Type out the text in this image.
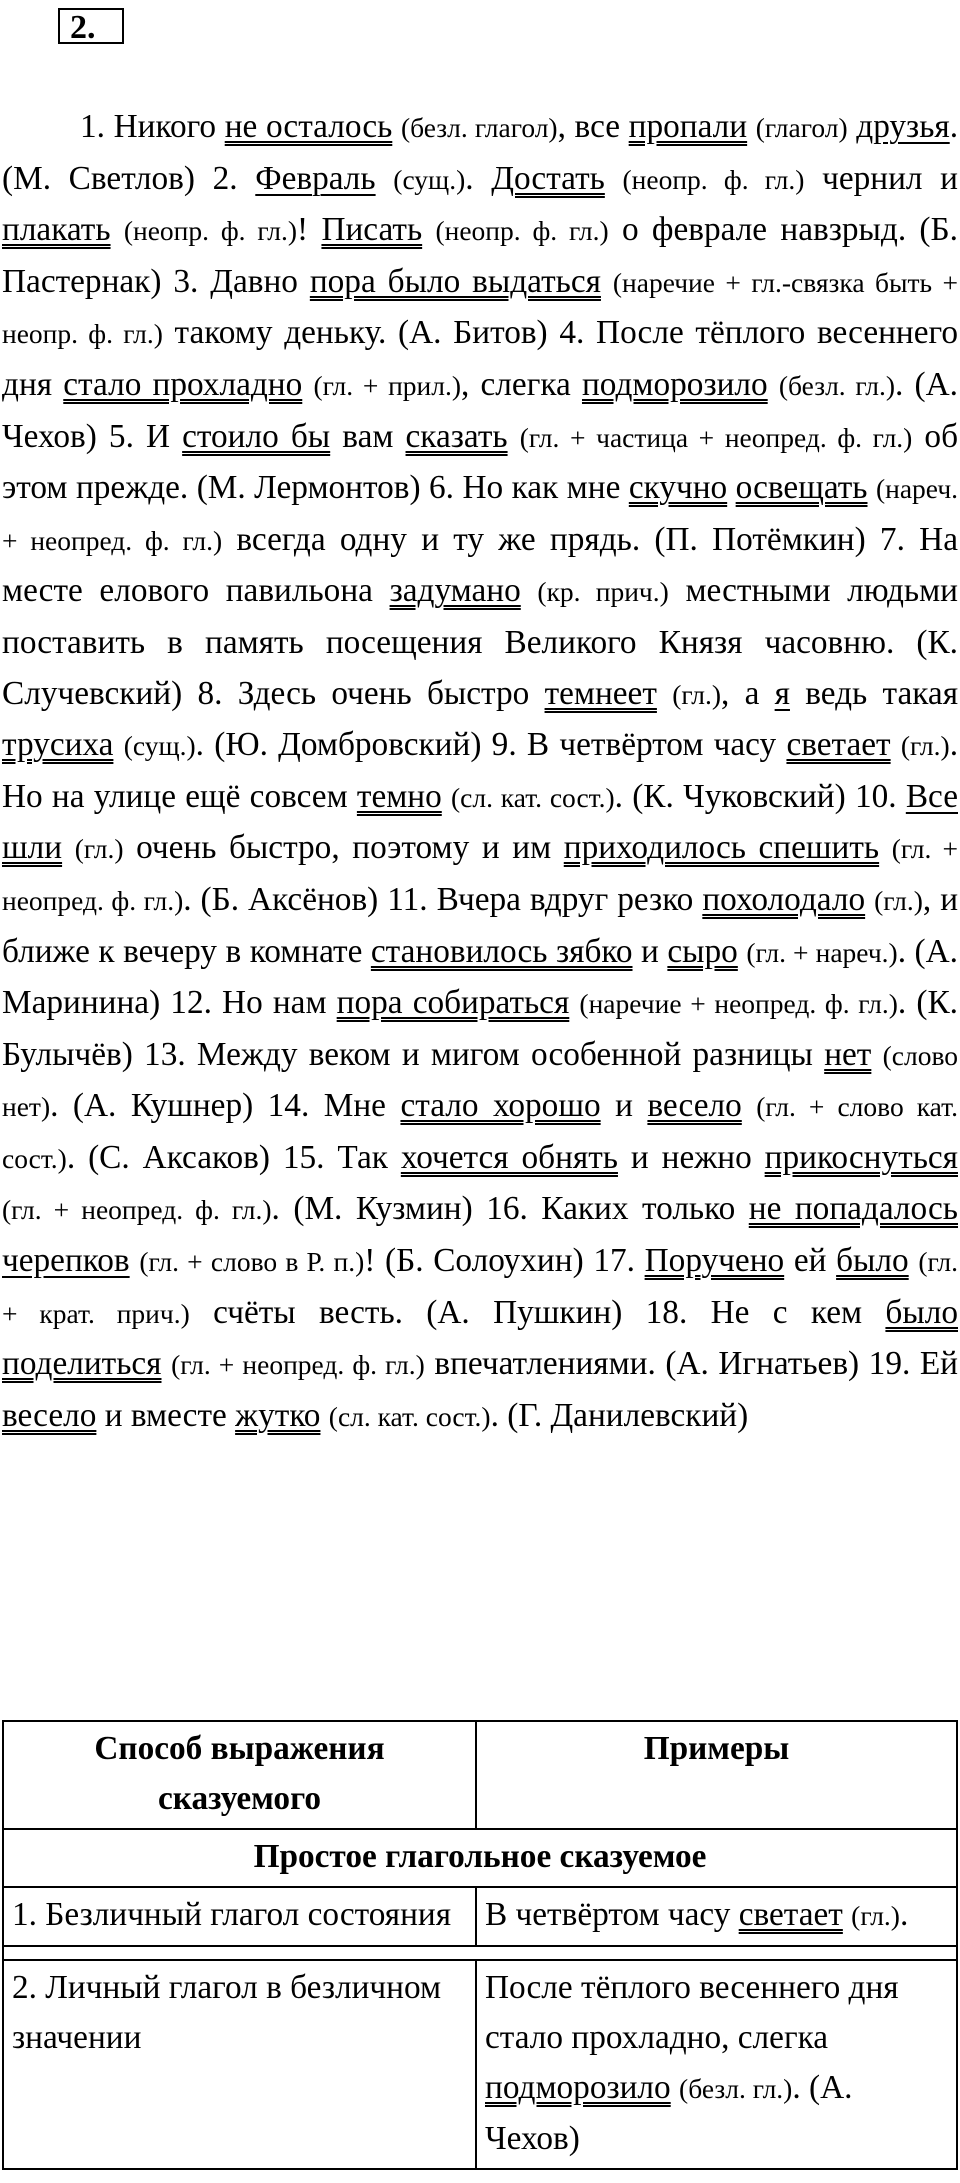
2.
1. Никого не осталось (безл. глагол), все пропали (глагол) друзья. (М. Светлов) 2. Февраль (сущ.). Достать (неопр. ф. гл.) чернил и плакать (неопр. ф. гл.)! Писать (неопр. ф. гл.) о феврале навзрыд. (Б. Пастернак) 3. Давно пора было выдаться (наречие + гл.-связка быть + неопр. ф. гл.) такому деньку. (А. Битов) 4. После тёплого весеннего дня стало прохладно (гл. + прил.), слегка подморозило (безл. гл.). (А. Чехов) 5. И стоило бы вам сказать (гл. + частица + неопред. ф. гл.) об этом прежде. (М. Лермонтов) 6. Но как мне скучно освещать (нареч. + неопред. ф. гл.) всегда одну и ту же прядь. (П. Потёмкин) 7. На месте елового павильона задумано (кр. прич.) местными людьми поставить в память посещения Великого Князя часовню. (К. Случевский) 8. Здесь очень быстро темнеет (гл.), а я ведь такая трусиха (сущ.). (Ю. Домбровский) 9. В четвёртом часу светает (гл.). Но на улице ещё совсем темно (сл. кат. сост.). (К. Чуковский) 10. Все шли (гл.) очень быстро, поэтому и им приходилось спешить (гл. + неопред. ф. гл.). (Б. Аксёнов) 11. Вчера вдруг резко похолодало (гл.), и ближе к вечеру в комнате становилось зябко и сыро (гл. + нареч.). (А. Маринина) 12. Но нам пора собираться (наречие + неопред. ф. гл.). (К. Булычёв) 13. Между веком и мигом особенной разницы нет (слово нет). (А. Кушнер) 14. Мне стало хорошо и весело (гл. + слово кат. сост.). (С. Аксаков) 15. Так хочется обнять и нежно прикоснуться (гл. + неопред. ф. гл.). (М. Кузмин) 16. Каких только не попадалось черепков (гл. + слово в Р. п.)! (Б. Солоухин) 17. Поручено ей было (гл. + крат. прич.) счёты весть. (А. Пушкин) 18. Не с кем было поделиться (гл. + неопред. ф. гл.) впечатлениями. (А. Игнатьев) 19. Ей весело и вместе жутко (сл. кат. сост.). (Г. Данилевский)
Способ выражения сказуемого	Примеры
Простое глагольное сказуемое	
1. Безличный глагол состояния	В четвёртом часу светает (гл.).

2. Личный глагол в безличном значении	После тёплого весеннего дня стало прохладно, слегка подморозило (безл. гл.). (А. Чехов)
